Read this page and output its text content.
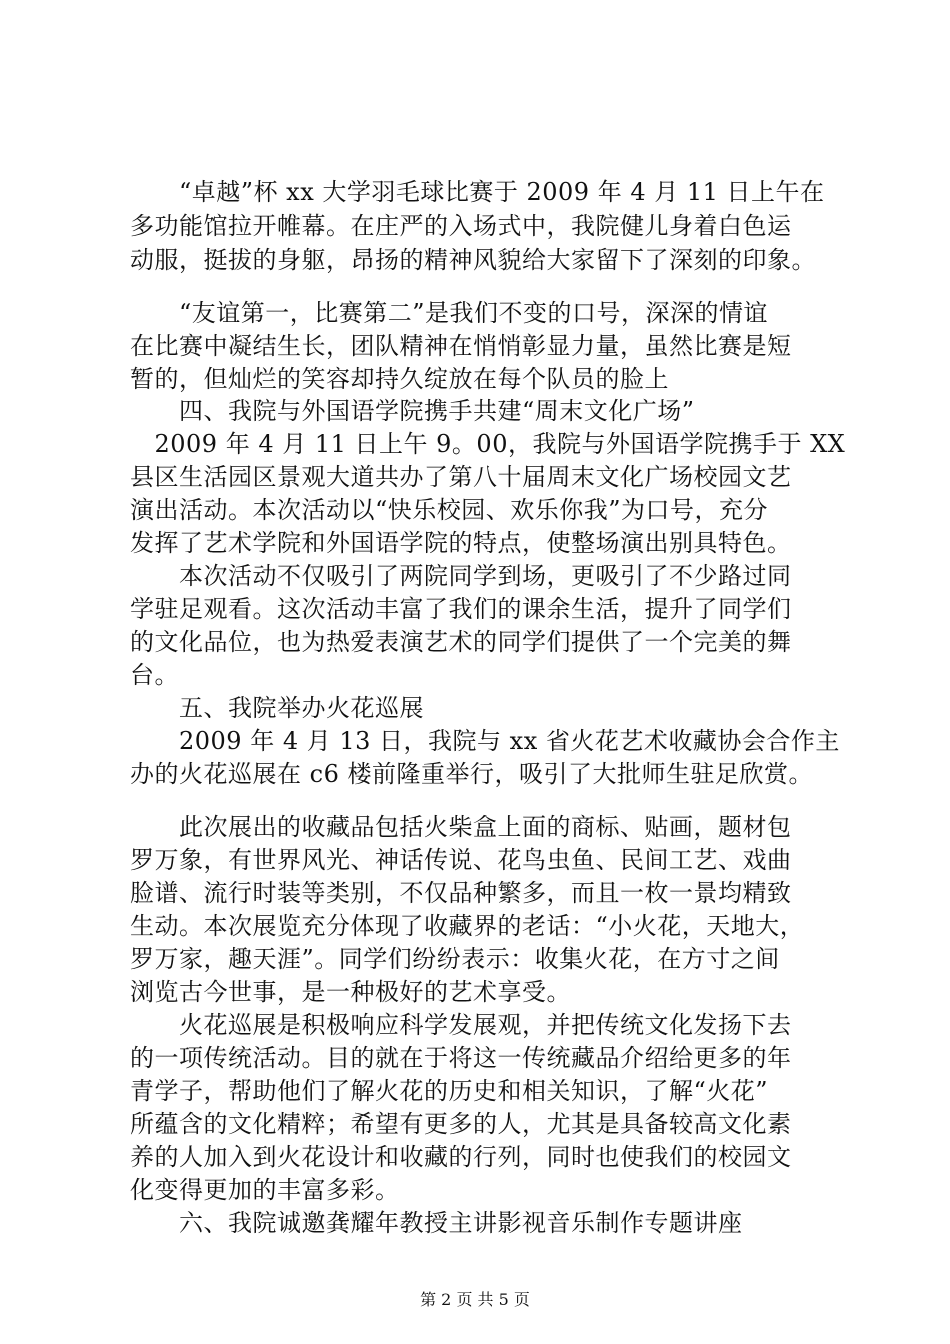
　　“卓越”杯 xx 大学羽毛球比赛于 2009 年 4 月 11 日上午在
多功能馆拉开帷幕。在庄严的入场式中，我院健儿身着白色运
动服，挺拔的身躯，昂扬的精神风貌给大家留下了深刻的印象。
　　“友谊第一，比赛第二”是我们不变的口号，深深的情谊
在比赛中凝结生长，团队精神在悄悄彰显力量，虽然比赛是短
暂的，但灿烂的笑容却持久绽放在每个队员的脸上
　　四、我院与外国语学院携手共建“周末文化广场”
　2009 年 4 月 11 日上午 9。00，我院与外国语学院携手于 XX
县区生活园区景观大道共办了第八十届周末文化广场校园文艺
演出活动。本次活动以“快乐校园、欢乐你我”为口号，充分
发挥了艺术学院和外国语学院的特点，使整场演出别具特色。
　　本次活动不仅吸引了两院同学到场，更吸引了不少路过同
学驻足观看。这次活动丰富了我们的课余生活，提升了同学们
的文化品位，也为热爱表演艺术的同学们提供了一个完美的舞
台。
　　五、我院举办火花巡展
　　2009 年 4 月 13 日，我院与 xx 省火花艺术收藏协会合作主
办的火花巡展在 c6 楼前隆重举行，吸引了大批师生驻足欣赏。
　　此次展出的收藏品包括火柴盒上面的商标、贴画，题材包
罗万象，有世界风光、神话传说、花鸟虫鱼、民间工艺、戏曲
脸谱、流行时装等类别，不仅品种繁多，而且一枚一景均精致
生动。本次展览充分体现了收藏界的老话：“小火花，天地大，
罗万家，趣天涯”。同学们纷纷表示：收集火花，在方寸之间
浏览古今世事，是一种极好的艺术享受。
　　火花巡展是积极响应科学发展观，并把传统文化发扬下去
的一项传统活动。目的就在于将这一传统藏品介绍给更多的年
青学子，帮助他们了解火花的历史和相关知识，了解“火花”
所蕴含的文化精粹；希望有更多的人，尤其是具备较高文化素
养的人加入到火花设计和收藏的行列，同时也使我们的校园文
化变得更加的丰富多彩。
　　六、我院诚邀龚耀年教授主讲影视音乐制作专题讲座
第 2 页 共 5 页
